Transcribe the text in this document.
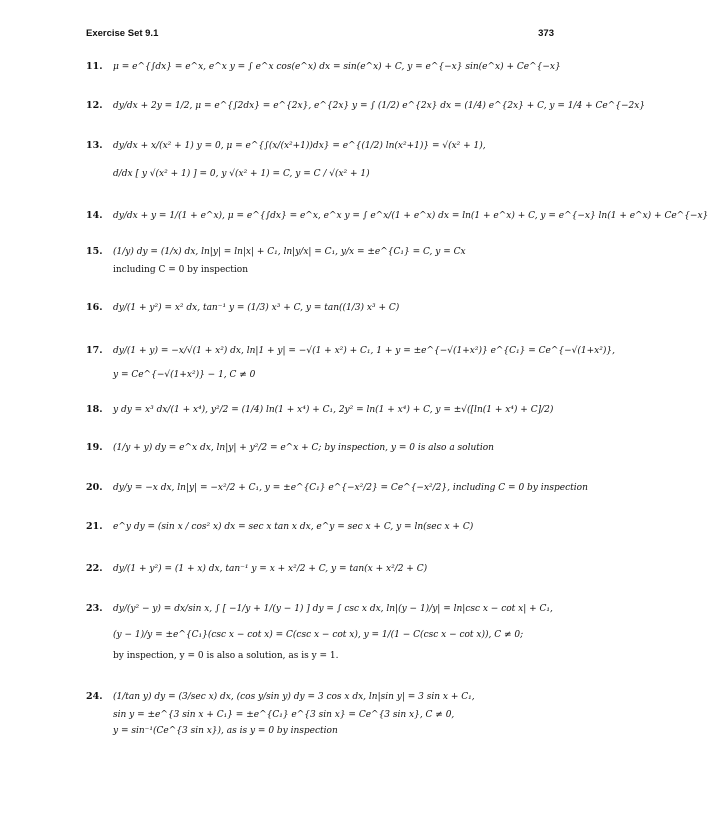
Exercise Set 9.1	373
11. μ = e^{∫dx} = e^x, e^x y = ∫ e^x cos(e^x) dx = sin(e^x) + C, y = e^{−x} sin(e^x) + Ce^{−x}
12. dy/dx + 2y = 1/2, μ = e^{∫2dx} = e^{2x}, e^{2x} y = ∫ (1/2) e^{2x} dx = (1/4) e^{2x} + C, y = 1/4 + Ce^{−2x}
13. dy/dx + x/(x² + 1) y = 0, μ = e^{∫(x/(x²+1))dx} = e^{(1/2) ln(x²+1)} = √(x² + 1),
d/dx [ y √(x² + 1) ] = 0, y √(x² + 1) = C, y = C / √(x² + 1)
14. dy/dx + y = 1/(1 + e^x), μ = e^{∫dx} = e^x, e^x y = ∫ e^x/(1 + e^x) dx = ln(1 + e^x) + C, y = e^{−x} ln(1 + e^x) + Ce^{−x}
15. (1/y) dy = (1/x) dx, ln|y| = ln|x| + C₁, ln|y/x| = C₁, y/x = ±e^{C₁} = C, y = Cx
including C = 0 by inspection
16. dy/(1 + y²) = x² dx, tan⁻¹ y = (1/3) x³ + C, y = tan((1/3) x³ + C)
17. dy/(1 + y) = −x/√(1 + x²) dx, ln|1 + y| = −√(1 + x²) + C₁, 1 + y = ±e^{−√(1+x²)} e^{C₁} = Ce^{−√(1+x²)},
y = Ce^{−√(1+x²)} − 1, C ≠ 0
18. y dy = x³ dx/(1 + x⁴), y²/2 = (1/4) ln(1 + x⁴) + C₁, 2y² = ln(1 + x⁴) + C, y = ±√([ln(1 + x⁴) + C]/2)
19. (1/y + y) dy = e^x dx, ln|y| + y²/2 = e^x + C; by inspection, y = 0 is also a solution
20. dy/y = −x dx, ln|y| = −x²/2 + C₁, y = ±e^{C₁} e^{−x²/2} = Ce^{−x²/2}, including C = 0 by inspection
21. e^y dy = (sin x / cos² x) dx = sec x tan x dx, e^y = sec x + C, y = ln(sec x + C)
22. dy/(1 + y²) = (1 + x) dx, tan⁻¹ y = x + x²/2 + C, y = tan(x + x²/2 + C)
23. dy/(y² − y) = dx/sin x, ∫ [ −1/y + 1/(y − 1) ] dy = ∫ csc x dx, ln|(y − 1)/y| = ln|csc x − cot x| + C₁,
(y − 1)/y = ±e^{C₁}(csc x − cot x) = C(csc x − cot x), y = 1/(1 − C(csc x − cot x)), C ≠ 0;
by inspection, y = 0 is also a solution, as is y = 1.
24. (1/tan y) dy = (3/sec x) dx, (cos y/sin y) dy = 3 cos x dx, ln|sin y| = 3 sin x + C₁,
sin y = ±e^{3 sin x + C₁} = ±e^{C₁} e^{3 sin x} = Ce^{3 sin x}, C ≠ 0,
y = sin⁻¹(Ce^{3 sin x}), as is y = 0 by inspection
